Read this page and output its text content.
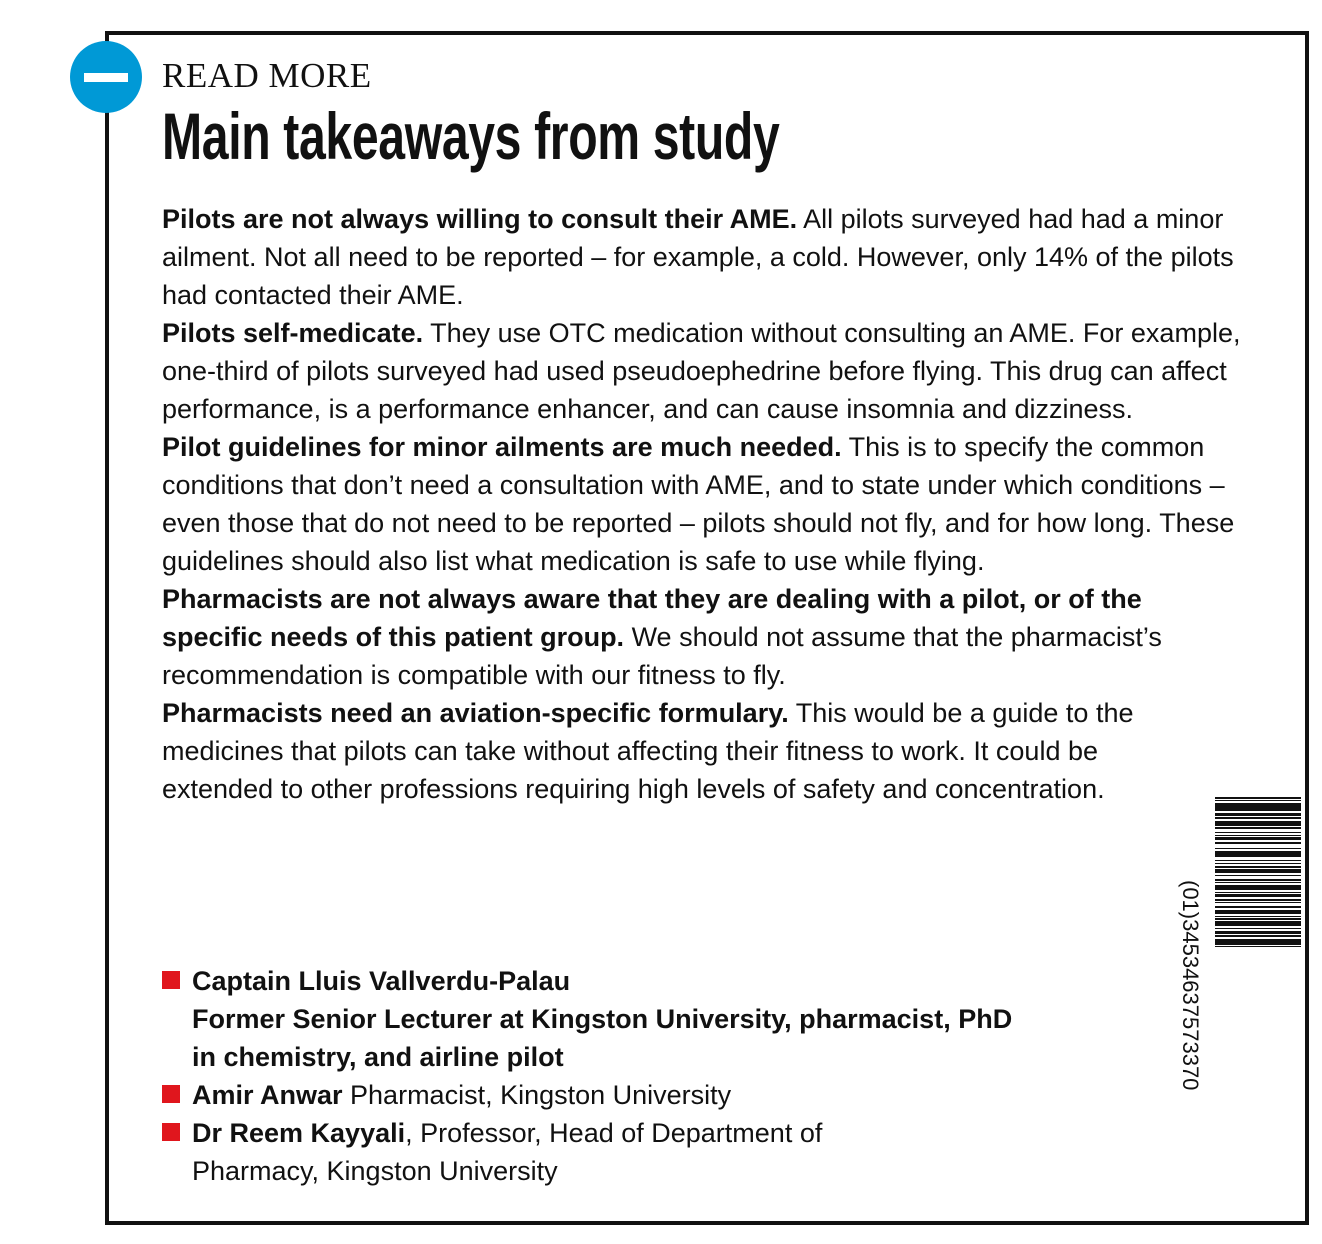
READ MORE
Main takeaways from study

Pilots are not always willing to consult their AME. All pilots surveyed had had a minor ailment. Not all need to be reported – for example, a cold. However, only 14% of the pilots had contacted their AME.

Pilots self-medicate. They use OTC medication without consulting an AME. For example, one-third of pilots surveyed had used pseudoephedrine before flying. This drug can affect performance, is a performance enhancer, and can cause insomnia and dizziness.

Pilot guidelines for minor ailments are much needed. This is to specify the common conditions that don’t need a consultation with AME, and to state under which conditions – even those that do not need to be reported – pilots should not fly, and for how long. These guidelines should also list what medication is safe to use while flying.

Pharmacists are not always aware that they are dealing with a pilot, or of the specific needs of this patient group. We should not assume that the pharmacist’s recommendation is compatible with our fitness to fly.

Pharmacists need an aviation-specific formulary. This would be a guide to the medicines that pilots can take without affecting their fitness to work. It could be extended to other professions requiring high levels of safety and concentration.

Captain Lluis Vallverdu-Palau
Former Senior Lecturer at Kingston University, pharmacist, PhD in chemistry, and airline pilot
Amir Anwar Pharmacist, Kingston University
Dr Reem Kayyali, Professor, Head of Department of Pharmacy, Kingston University
(01)34534637573370
